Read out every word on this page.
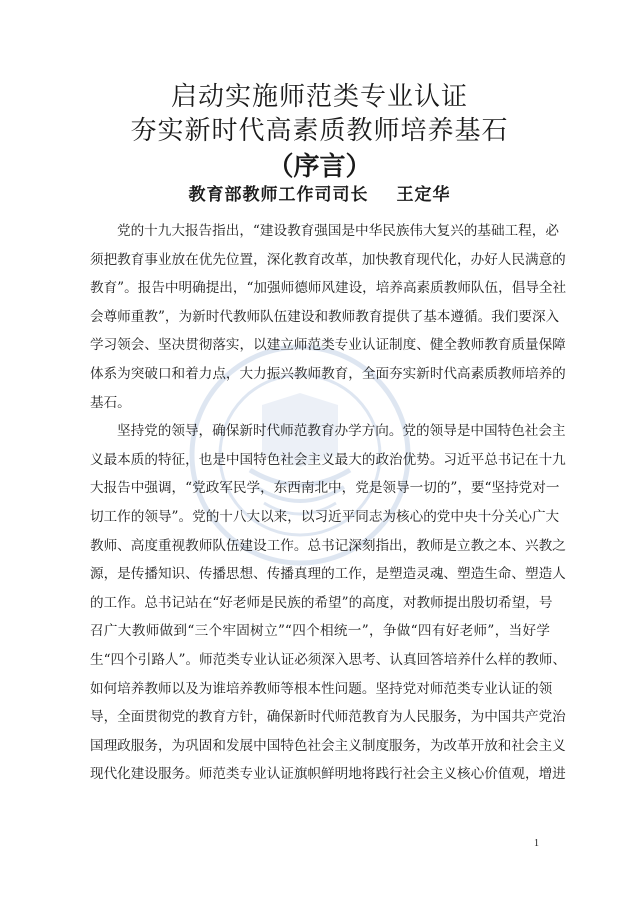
启动实施师范类专业认证
夯实新时代高素质教师培养基石
（序言）
教育部教师工作司司长 王定华
党的十九大报告指出，“建设教育强国是中华民族伟大复兴的基础工程，必
须把教育事业放在优先位置，深化教育改革，加快教育现代化，办好人民满意的
教育”。报告中明确提出，“加强师德师风建设，培养高素质教师队伍，倡导全社
会尊师重教”，为新时代教师队伍建设和教师教育提供了基本遵循。我们要深入
学习领会、坚决贯彻落实，以建立师范类专业认证制度、健全教师教育质量保障
体系为突破口和着力点，大力振兴教师教育，全面夯实新时代高素质教师培养的
基石。
坚持党的领导，确保新时代师范教育办学方向。党的领导是中国特色社会主
义最本质的特征，也是中国特色社会主义最大的政治优势。习近平总书记在十九
大报告中强调，“党政军民学，东西南北中，党是领导一切的”，要“坚持党对一
切工作的领导”。党的十八大以来，以习近平同志为核心的党中央十分关心广大
教师、高度重视教师队伍建设工作。总书记深刻指出，教师是立教之本、兴教之
源，是传播知识、传播思想、传播真理的工作，是塑造灵魂、塑造生命、塑造人
的工作。总书记站在“好老师是民族的希望”的高度，对教师提出殷切希望，号
召广大教师做到“三个牢固树立”“四个相统一”，争做“四有好老师”，当好学
生“四个引路人”。师范类专业认证必须深入思考、认真回答培养什么样的教师、
如何培养教师以及为谁培养教师等根本性问题。坚持党对师范类专业认证的领
导，全面贯彻党的教育方针，确保新时代师范教育为人民服务，为中国共产党治
国理政服务，为巩固和发展中国特色社会主义制度服务，为改革开放和社会主义
现代化建设服务。师范类专业认证旗帜鲜明地将践行社会主义核心价值观，增进
1
